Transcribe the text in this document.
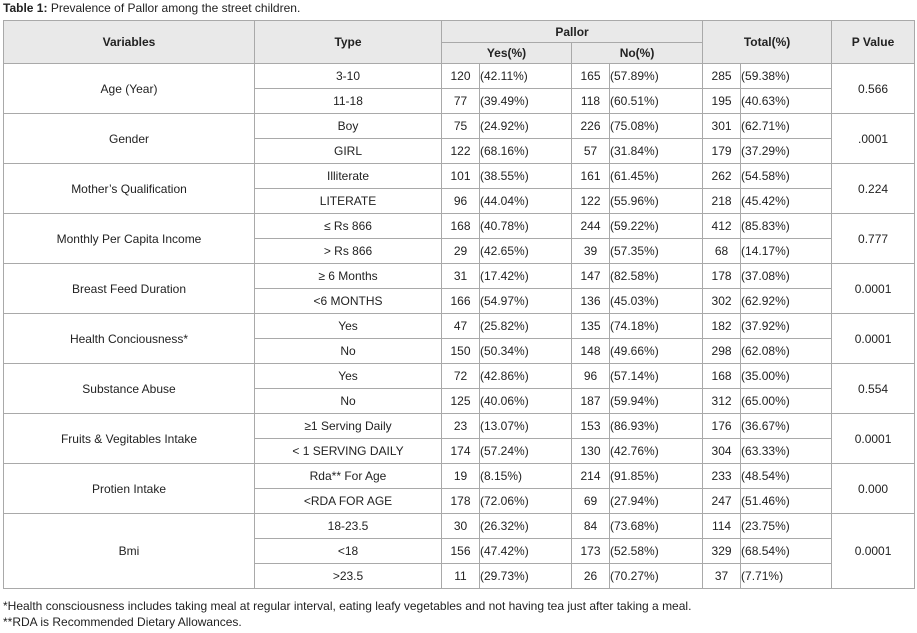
Table 1: Prevalence of Pallor among the street children.
Variables	Type	Pallor				Total(%)		P Value
		Yes(%)		No(%)				
Age (Year)	3-10	120	(42.11%)	165	(57.89%)	285	(59.38%)	0.566
	11-18	77	(39.49%)	118	(60.51%)	195	(40.63%)	
Gender	Boy	75	(24.92%)	226	(75.08%)	301	(62.71%)	.0001
	GIRL	122	(68.16%)	57	(31.84%)	179	(37.29%)	
Mother’s Qualification	Illiterate	101	(38.55%)	161	(61.45%)	262	(54.58%)	0.224
	LITERATE	96	(44.04%)	122	(55.96%)	218	(45.42%)	
Monthly Per Capita Income	≤ Rs 866	168	(40.78%)	244	(59.22%)	412	(85.83%)	0.777
	> Rs 866	29	(42.65%)	39	(57.35%)	68	(14.17%)	
Breast Feed Duration	≥ 6 Months	31	(17.42%)	147	(82.58%)	178	(37.08%)	0.0001
	<6 MONTHS	166	(54.97%)	136	(45.03%)	302	(62.92%)	
Health Conciousness*	Yes	47	(25.82%)	135	(74.18%)	182	(37.92%)	0.0001
	No	150	(50.34%)	148	(49.66%)	298	(62.08%)	
Substance Abuse	Yes	72	(42.86%)	96	(57.14%)	168	(35.00%)	0.554
	No	125	(40.06%)	187	(59.94%)	312	(65.00%)	
Fruits & Vegitables Intake	≥1 Serving Daily	23	(13.07%)	153	(86.93%)	176	(36.67%)	0.0001
	< 1 SERVING DAILY	174	(57.24%)	130	(42.76%)	304	(63.33%)	
Protien Intake	Rda** For Age	19	(8.15%)	214	(91.85%)	233	(48.54%)	0.000
	<RDA FOR AGE	178	(72.06%)	69	(27.94%)	247	(51.46%)	
Bmi	18-23.5	30	(26.32%)	84	(73.68%)	114	(23.75%)	0.0001
	<18	156	(47.42%)	173	(52.58%)	329	(68.54%)	
	>23.5	11	(29.73%)	26	(70.27%)	37	(7.71%)	
*Health consciousness includes taking meal at regular interval, eating leafy vegetables and not having tea just after taking a meal.
**RDA is Recommended Dietary Allowances.
